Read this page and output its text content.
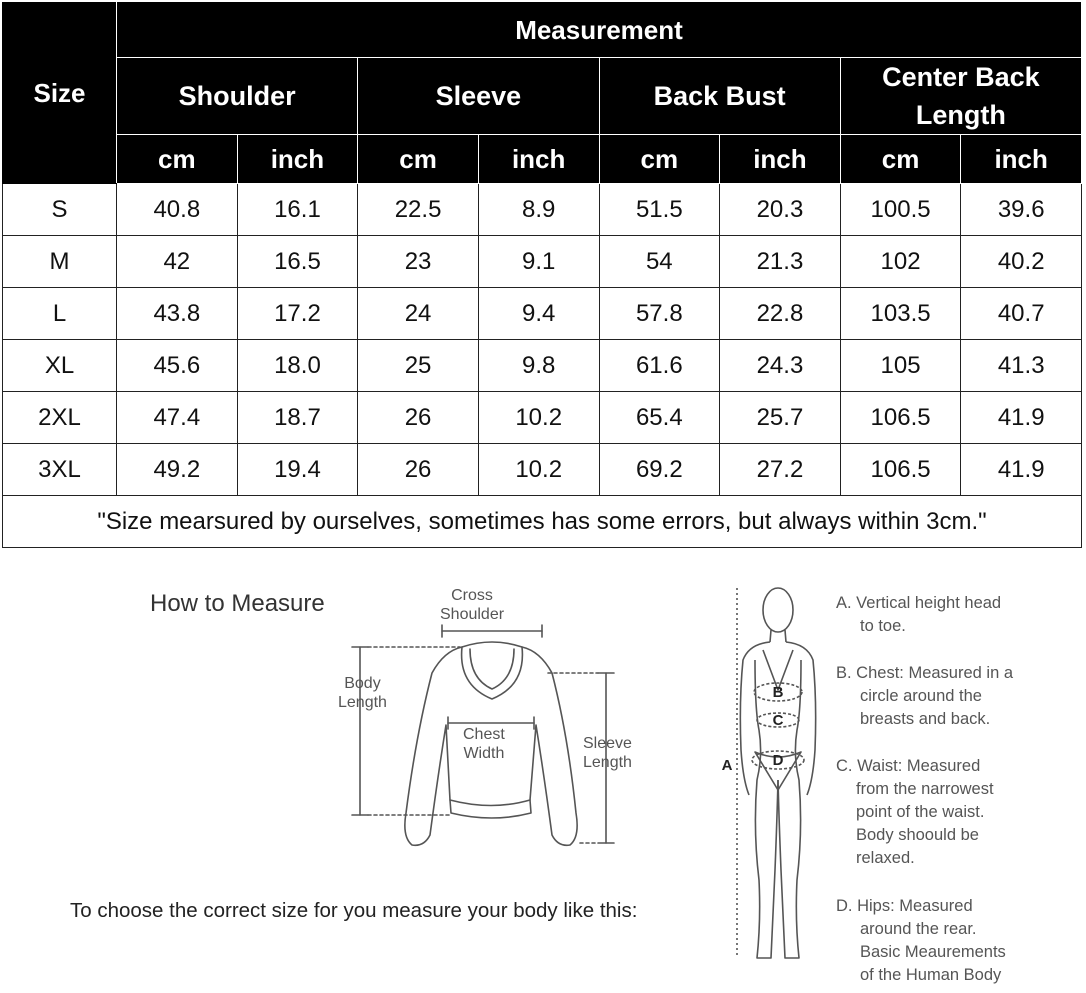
Size	Measurement							
	Shoulder		Sleeve		Back Bust		Center Back Length	
	cm	inch	cm	inch	cm	inch	cm	inch
S	40.8	16.1	22.5	8.9	51.5	20.3	100.5	39.6
M	42	16.5	23	9.1	54	21.3	102	40.2
L	43.8	17.2	24	9.4	57.8	22.8	103.5	40.7
XL	45.6	18.0	25	9.8	61.6	24.3	105	41.3
2XL	47.4	18.7	26	10.2	65.4	25.7	106.5	41.9
3XL	49.2	19.4	26	10.2	69.2	27.2	106.5	41.9
"Size mearsured by ourselves, sometimes has some errors, but always within 3cm."								
How to Measure	Cross
Shoulder
Body
Length
Chest
Width
Sleeve
Length
B
C
D
A
A. Vertical height head
to toe.
B. Chest: Measured in a
circle around the
breasts and back.
C. Waist: Measured
from the narrowest
point of the waist.
Body shoould be
relaxed.
D. Hips: Measured
around the rear.
Basic Meaurements
of the Human Body
To choose the correct size for you measure your body like this:
